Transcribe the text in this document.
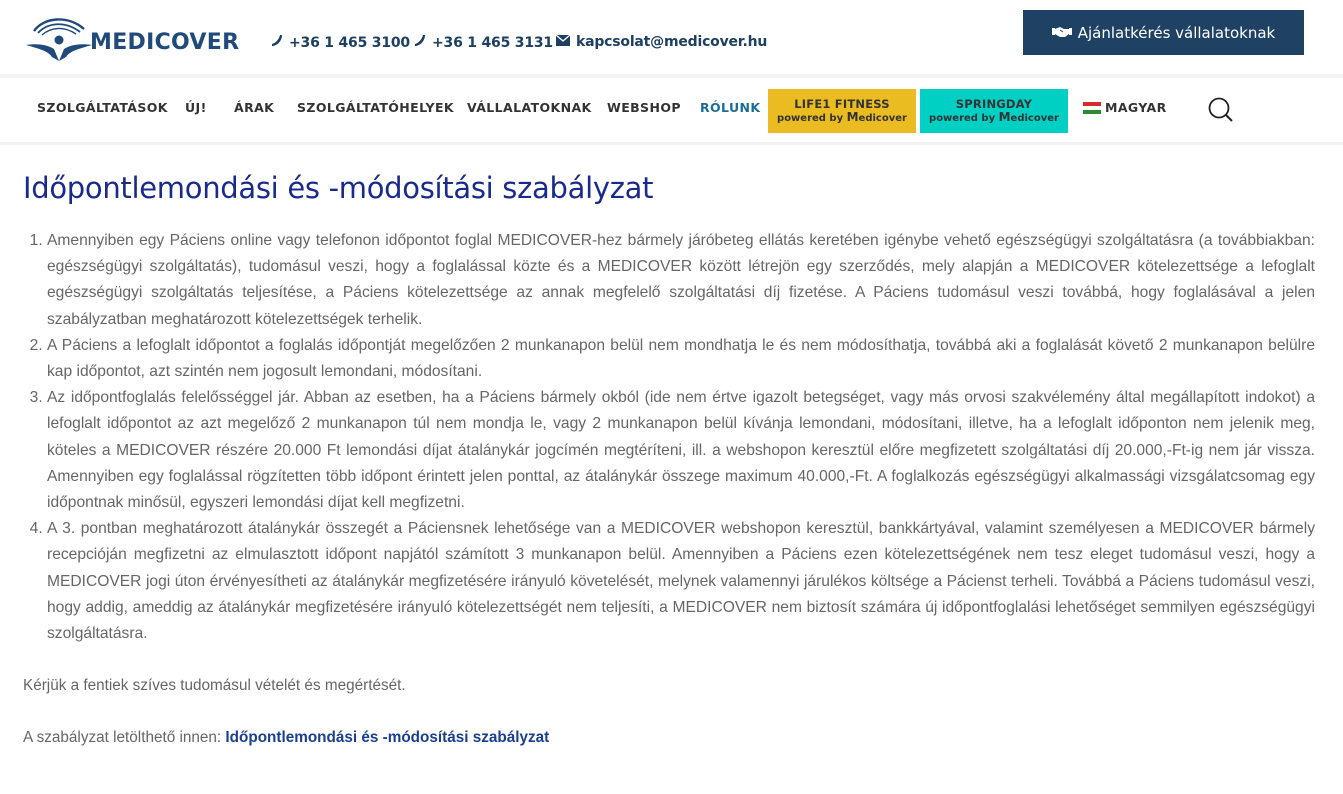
MEDICOVER	+36 1 465 3100 +36 1 465 3131 kapcsolat@medicover.hu
Ajánlatkérés vállalatoknak
SZOLGÁLTATÁSOK ÚJ! ÁRAK SZOLGÁLTATÓHELYEK VÁLLALATOKNAK WEBSHOP RÓLUNK	LIFE1 FITNESS
powered by Medicover
SPRINGDAY
powered by Medicover
MAGYAR
Időpontlemondási és -módosítási szabályzat
1. Amennyiben egy Páciens online vagy telefonon időpontot foglal MEDICOVER-hez bármely járóbeteg ellátás keretében igénybe vehető egészségügyi szolgáltatásra (a továbbiakban: egészségügyi szolgáltatás), tudomásul veszi, hogy a foglalással közte és a MEDICOVER között létrejön egy szerződés, mely alapján a MEDICOVER kötelezettsége a lefoglalt egészségügyi szolgáltatás teljesítése, a Páciens kötelezettsége az annak megfelelő szolgáltatási díj fizetése. A Páciens tudomásul veszi továbbá, hogy foglalásával a jelen szabályzatban meghatározott kötelezettségek terhelik.
2. A Páciens a lefoglalt időpontot a foglalás időpontját megelőzően 2 munkanapon belül nem mondhatja le és nem módosíthatja, továbbá aki a foglalását követő 2 munkanapon belülre kap időpontot, azt szintén nem jogosult lemondani, módosítani.
3. Az időpontfoglalás felelősséggel jár. Abban az esetben, ha a Páciens bármely okból (ide nem értve igazolt betegséget, vagy más orvosi szakvélemény által megállapított indokot) a lefoglalt időpontot az azt megelőző 2 munkanapon túl nem mondja le, vagy 2 munkanapon belül kívánja lemondani, módosítani, illetve, ha a lefoglalt időponton nem jelenik meg, köteles a MEDICOVER részére 20.000 Ft lemondási díjat átalánykár jogcímén megtéríteni, ill. a webshopon keresztül előre megfizetett szolgáltatási díj 20.000,-Ft-ig nem jár vissza. Amennyiben egy foglalással rögzítetten több időpont érintett jelen ponttal, az átalánykár összege maximum 40.000,-Ft. A foglalkozás egészségügyi alkalmassági vizsgálatcsomag egy időpontnak minősül, egyszeri lemondási díjat kell megfizetni.
4. A 3. pontban meghatározott átalánykár összegét a Páciensnek lehetősége van a MEDICOVER webshopon keresztül, bankkártyával, valamint személyesen a MEDICOVER bármely recepcióján megfizetni az elmulasztott időpont napjától számított 3 munkanapon belül. Amennyiben a Páciens ezen kötelezettségének nem tesz eleget tudomásul veszi, hogy a MEDICOVER jogi úton érvényesítheti az átalánykár megfizetésére irányuló követelését, melynek valamennyi járulékos költsége a Pácienst terheli. Továbbá a Páciens tudomásul veszi, hogy addig, ameddig az átalánykár megfizetésére irányuló kötelezettségét nem teljesíti, a MEDICOVER nem biztosít számára új időpontfoglalási lehetőséget semmilyen egészségügyi szolgáltatásra.

Kérjük a fentiek szíves tudomásul vételét és megértését.

A szabályzat letölthető innen: Időpontlemondási és -módosítási szabályzat
